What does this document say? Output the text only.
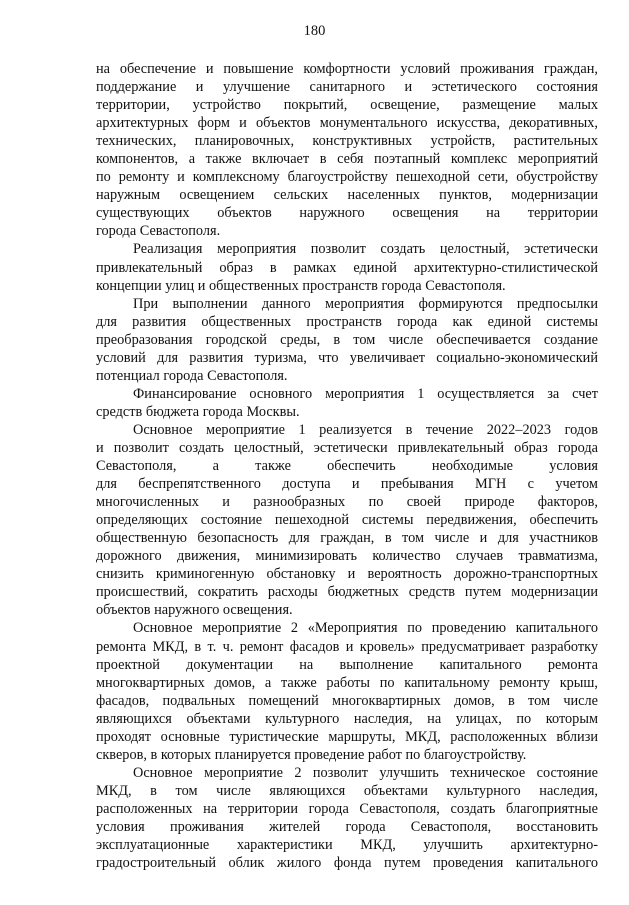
180
на обеспечение и повышение комфортности условий проживания граждан,
поддержание и улучшение санитарного и эстетического состояния
территории, устройство покрытий, освещение, размещение малых
архитектурных форм и объектов монументального искусства, декоративных,
технических, планировочных, конструктивных устройств, растительных
компонентов, а также включает в себя поэтапный комплекс мероприятий
по ремонту и комплексному благоустройству пешеходной сети, обустройству
наружным освещением сельских населенных пунктов, модернизации
существующих объектов наружного освещения на территории
города Севастополя.
Реализация мероприятия позволит создать целостный, эстетически
привлекательный образ в рамках единой архитектурно-стилистической
концепции улиц и общественных пространств города Севастополя.
При выполнении данного мероприятия формируются предпосылки
для развития общественных пространств города как единой системы
преобразования городской среды, в том числе обеспечивается создание
условий для развития туризма, что увеличивает социально-экономический
потенциал города Севастополя.
Финансирование основного мероприятия 1 осуществляется за счет
средств бюджета города Москвы.
Основное мероприятие 1 реализуется в течение 2022–2023 годов
и позволит создать целостный, эстетически привлекательный образ города
Севастополя, а также обеспечить необходимые условия
для беспрепятственного доступа и пребывания МГН с учетом
многочисленных и разнообразных по своей природе факторов,
определяющих состояние пешеходной системы передвижения, обеспечить
общественную безопасность для граждан, в том числе и для участников
дорожного движения, минимизировать количество случаев травматизма,
снизить криминогенную обстановку и вероятность дорожно-транспортных
происшествий, сократить расходы бюджетных средств путем модернизации
объектов наружного освещения.
Основное мероприятие 2 «Мероприятия по проведению капитального
ремонта МКД, в т. ч. ремонт фасадов и кровель» предусматривает разработку
проектной документации на выполнение капитального ремонта
многоквартирных домов, а также работы по капитальному ремонту крыш,
фасадов, подвальных помещений многоквартирных домов, в том числе
являющихся объектами культурного наследия, на улицах, по которым
проходят основные туристические маршруты, МКД, расположенных вблизи
скверов, в которых планируется проведение работ по благоустройству.
Основное мероприятие 2 позволит улучшить техническое состояние
МКД, в том числе являющихся объектами культурного наследия,
расположенных на территории города Севастополя, создать благоприятные
условия проживания жителей города Севастополя, восстановить
эксплуатационные характеристики МКД, улучшить архитектурно-
градостроительный облик жилого фонда путем проведения капитального
